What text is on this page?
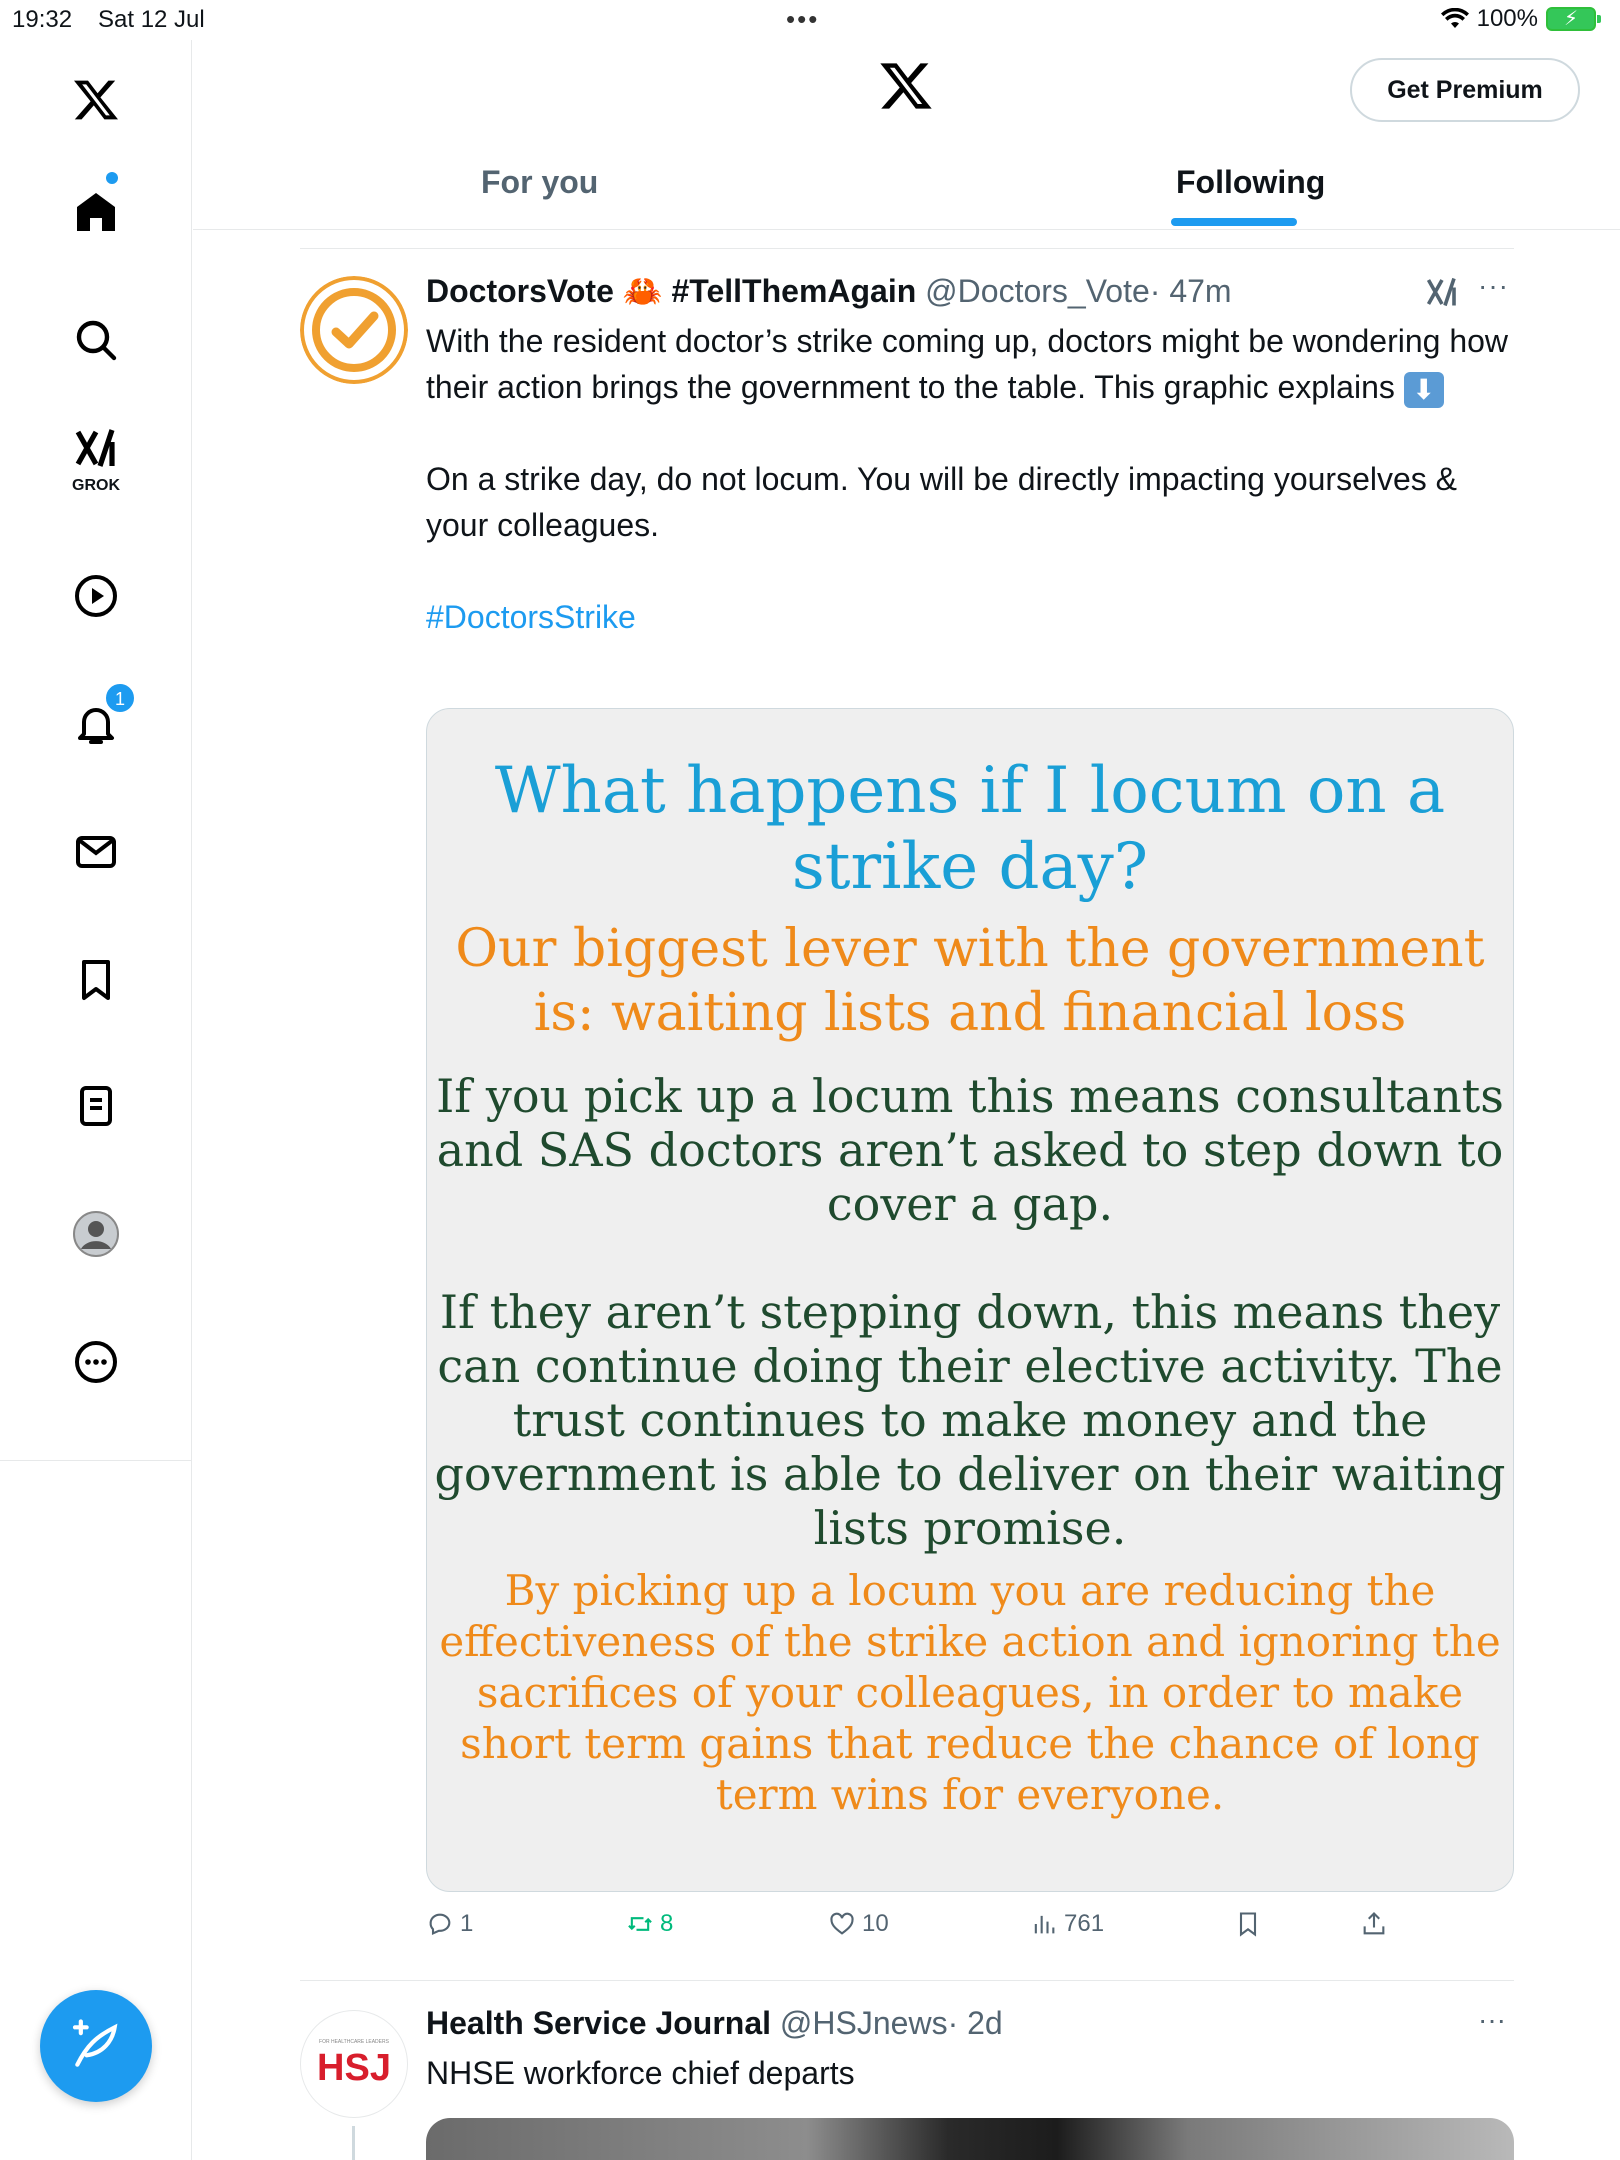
19:32 Sat 12 Jul	•••	100%	⚡
GROK
1
Get Premium
For you	Following
DoctorsVote 🦀 #TellThemAgain @Doctors_Vote· 47m	···

With the resident doctor’s strike coming up, doctors might be wondering how their action brings the government to the table. This graphic explains ⬇

On a strike day, do not locum. You will be directly impacting yourselves & your colleagues.

#DoctorsStrike

What happens if I locum on a
strike day?
Our biggest lever with the government
is: waiting lists and financial loss
If you pick up a locum this means consultants
and SAS doctors aren’t asked to step down to
cover a gap.
If they aren’t stepping down, this means they
can continue doing their elective activity. The
trust continues to make money and the
government is able to deliver on their waiting
lists promise.
By picking up a locum you are reducing the
effectiveness of the strike action and ignoring the
sacrifices of your colleagues, in order to make
short term gains that reduce the chance of long
term wins for everyone.
1	8	10	761
FOR HEALTHCARE LEADERS
HSJ
Health Service Journal @HSJnews· 2d	···
NHSE workforce chief departs
